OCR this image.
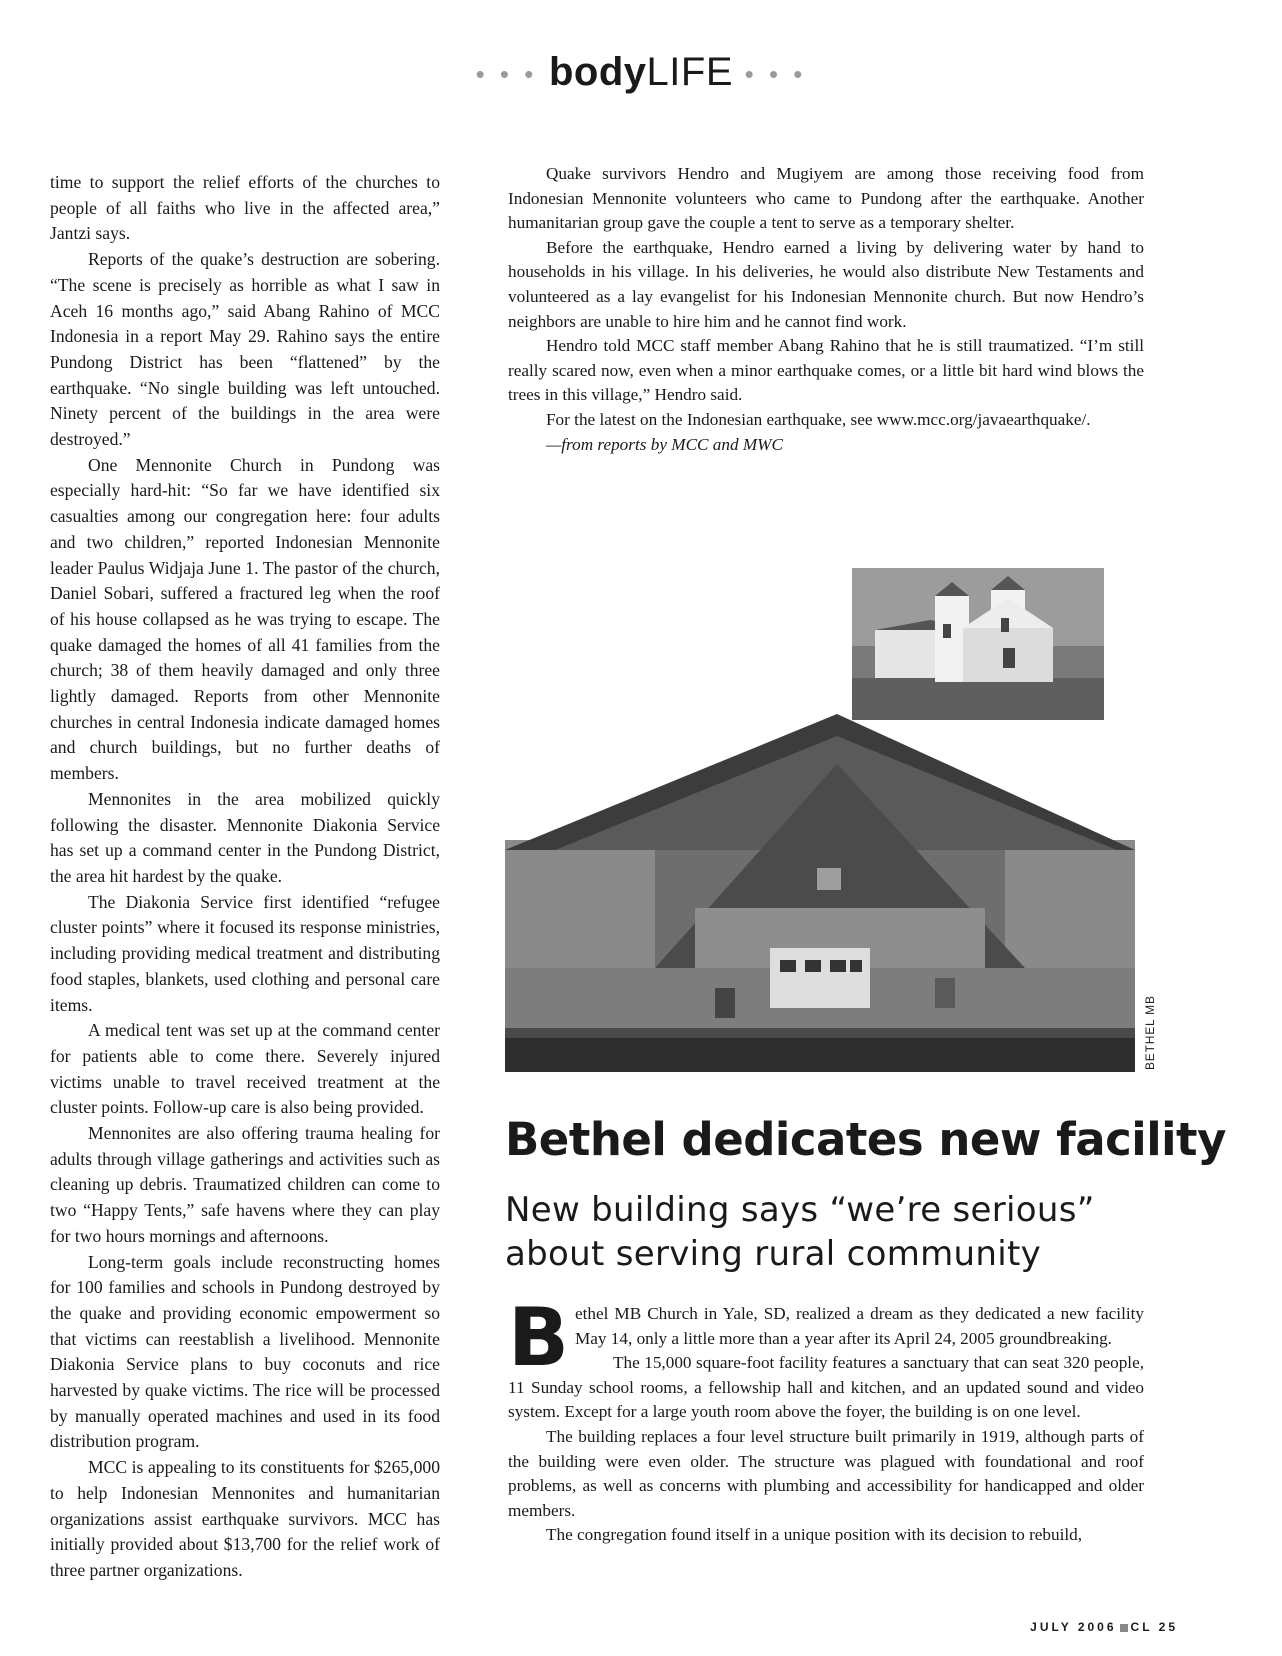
• • • bodyLIFE • • •

time to support the relief efforts of the churches to people of all faiths who live in the affected area,” Jantzi says.

Reports of the quake’s destruction are sobering. “The scene is precisely as horrible as what I saw in Aceh 16 months ago,” said Abang Rahino of MCC Indonesia in a report May 29. Rahino says the entire Pundong District has been “flattened” by the earthquake. “No single building was left untouched. Ninety percent of the buildings in the area were destroyed.”

One Mennonite Church in Pundong was especially hard-hit: “So far we have identified six casualties among our congregation here: four adults and two children,” reported Indonesian Mennonite leader Paulus Widjaja June 1. The pastor of the church, Daniel Sobari, suffered a fractured leg when the roof of his house collapsed as he was trying to escape. The quake damaged the homes of all 41 families from the church; 38 of them heavily damaged and only three lightly damaged. Reports from other Mennonite churches in central Indonesia indicate damaged homes and church buildings, but no further deaths of members.

Mennonites in the area mobilized quickly following the disaster. Mennonite Diakonia Service has set up a command center in the Pundong District, the area hit hardest by the quake.

The Diakonia Service first identified “refugee cluster points” where it focused its response ministries, including providing medical treatment and distributing food staples, blankets, used clothing and personal care items.

A medical tent was set up at the command center for patients able to come there. Severely injured victims unable to travel received treatment at the cluster points. Follow-up care is also being provided.

Mennonites are also offering trauma healing for adults through village gatherings and activities such as cleaning up debris. Traumatized children can come to two “Happy Tents,” safe havens where they can play for two hours mornings and afternoons.

Long-term goals include reconstructing homes for 100 families and schools in Pundong destroyed by the quake and providing economic empowerment so that victims can reestablish a livelihood. Mennonite Diakonia Service plans to buy coconuts and rice harvested by quake victims. The rice will be processed by manually operated machines and used in its food distribution program.

MCC is appealing to its constituents for $265,000 to help Indonesian Mennonites and humanitarian organizations assist earthquake survivors. MCC has initially provided about $13,700 for the relief work of three partner organizations.

Quake survivors Hendro and Mugiyem are among those receiving food from Indonesian Mennonite volunteers who came to Pundong after the earthquake. Another humanitarian group gave the couple a tent to serve as a temporary shelter.

Before the earthquake, Hendro earned a living by delivering water by hand to households in his village. In his deliveries, he would also distribute New Testaments and volunteered as a lay evangelist for his Indonesian Mennonite church. But now Hendro’s neighbors are unable to hire him and he cannot find work.

Hendro told MCC staff member Abang Rahino that he is still traumatized. “I’m still really scared now, even when a minor earthquake comes, or a little bit hard wind blows the trees in this village,” Hendro said.

For the latest on the Indonesian earthquake, see www.mcc.org/javaearthquake/.

—from reports by MCC and MWC

BETHEL MB
Bethel dedicates new facility
New building says “we’re serious” about serving rural community

Bethel MB Church in Yale, SD, realized a dream as they dedicated a new facility May 14, only a little more than a year after its April 24, 2005 groundbreaking.

The 15,000 square-foot facility features a sanctuary that can seat 320 people, 11 Sunday school rooms, a fellowship hall and kitchen, and an updated sound and video system. Except for a large youth room above the foyer, the building is on one level.

The building replaces a four level structure built primarily in 1919, although parts of the building were even older. The structure was plagued with foundational and roof problems, as well as concerns with plumbing and accessibility for handicapped and older members.

The congregation found itself in a unique position with its decision to rebuild,

JULY 2006 CL 25
